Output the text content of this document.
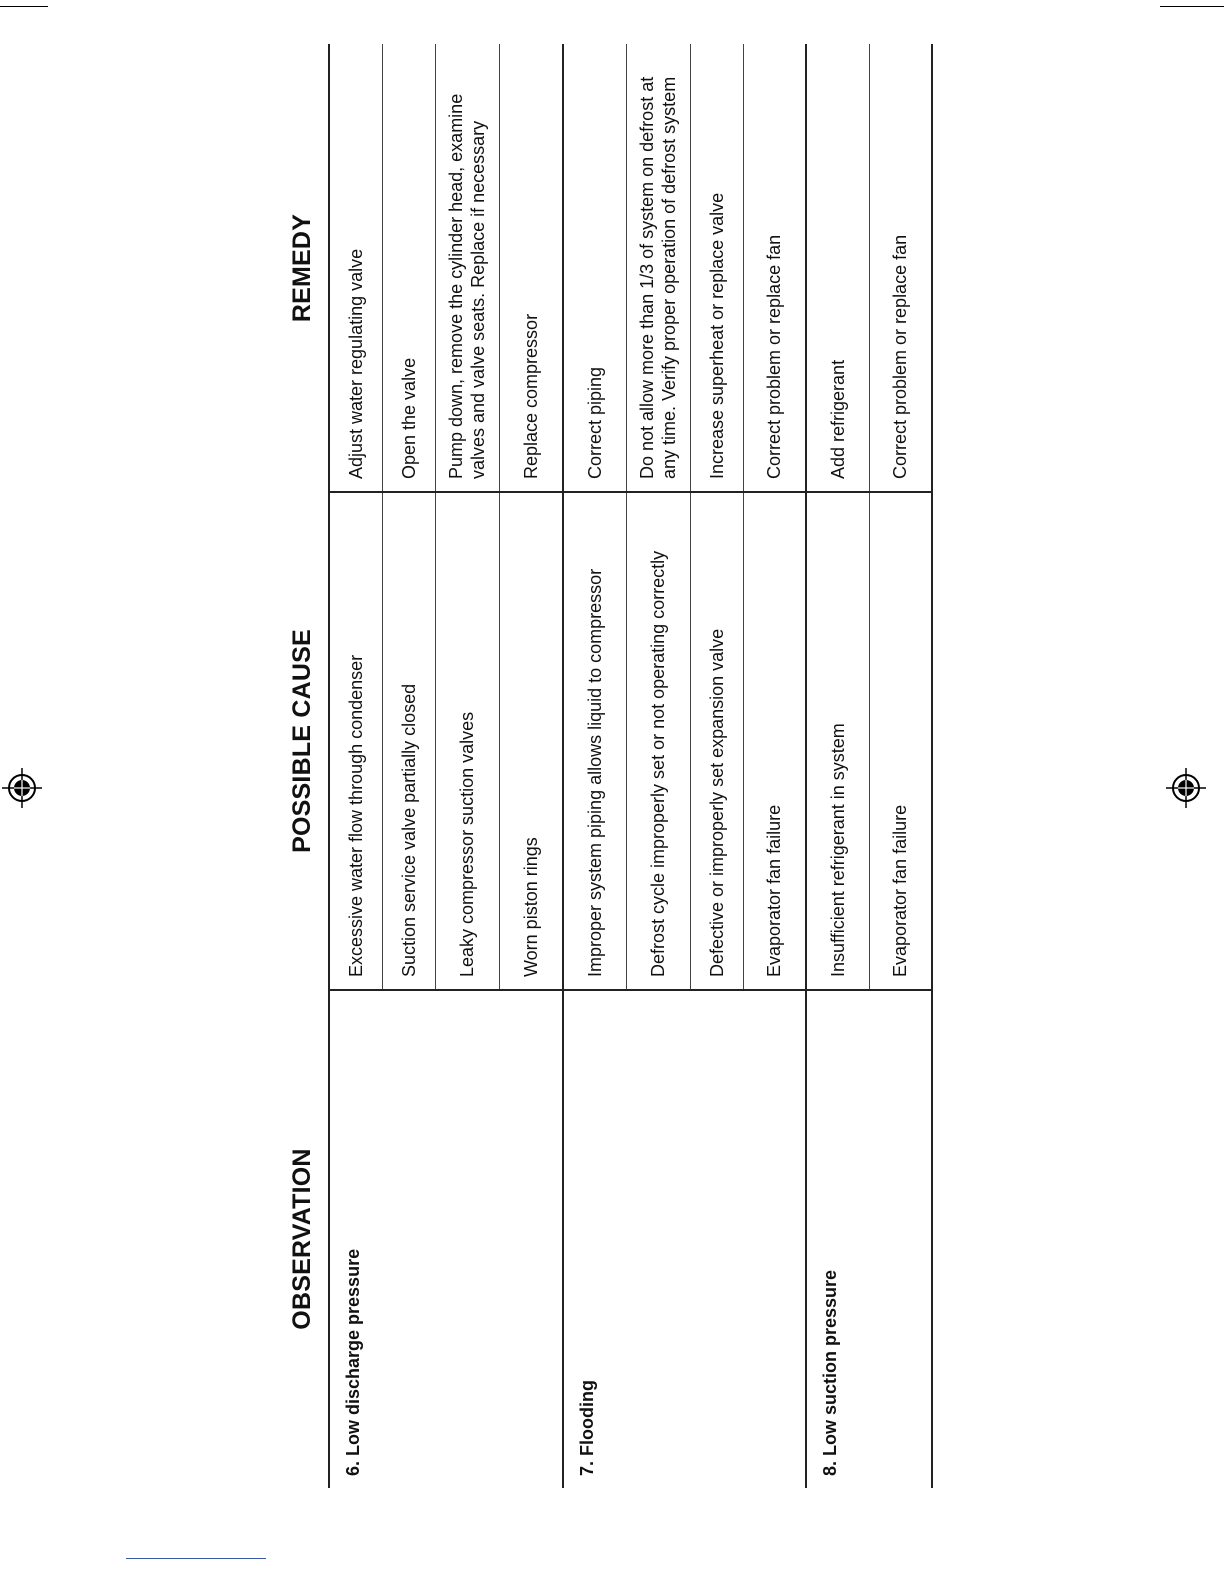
OBSERVATION	POSSIBLE CAUSE	REMEDY
6. Low discharge pressure	Excessive water flow through condenser	Adjust water regulating valve
	Suction service valve partially closed	Open the valve
	Leaky compressor suction valves	Pump down, remove the cylinder head, examine valves and valve seats. Replace if necessary
	Worn piston rings	Replace compressor
7. Flooding	Improper system piping allows liquid to compressor	Correct piping
	Defrost cycle improperly set or not operating correctly	Do not allow more than 1/3 of system on defrost at any time. Verify proper operation of defrost system
	Defective or improperly set expansion valve	Increase superheat or replace valve
	Evaporator fan failure	Correct problem or replace fan
8. Low suction pressure	Insufficient refrigerant in system	Add refrigerant
	Evaporator fan failure	Correct problem or replace fan
